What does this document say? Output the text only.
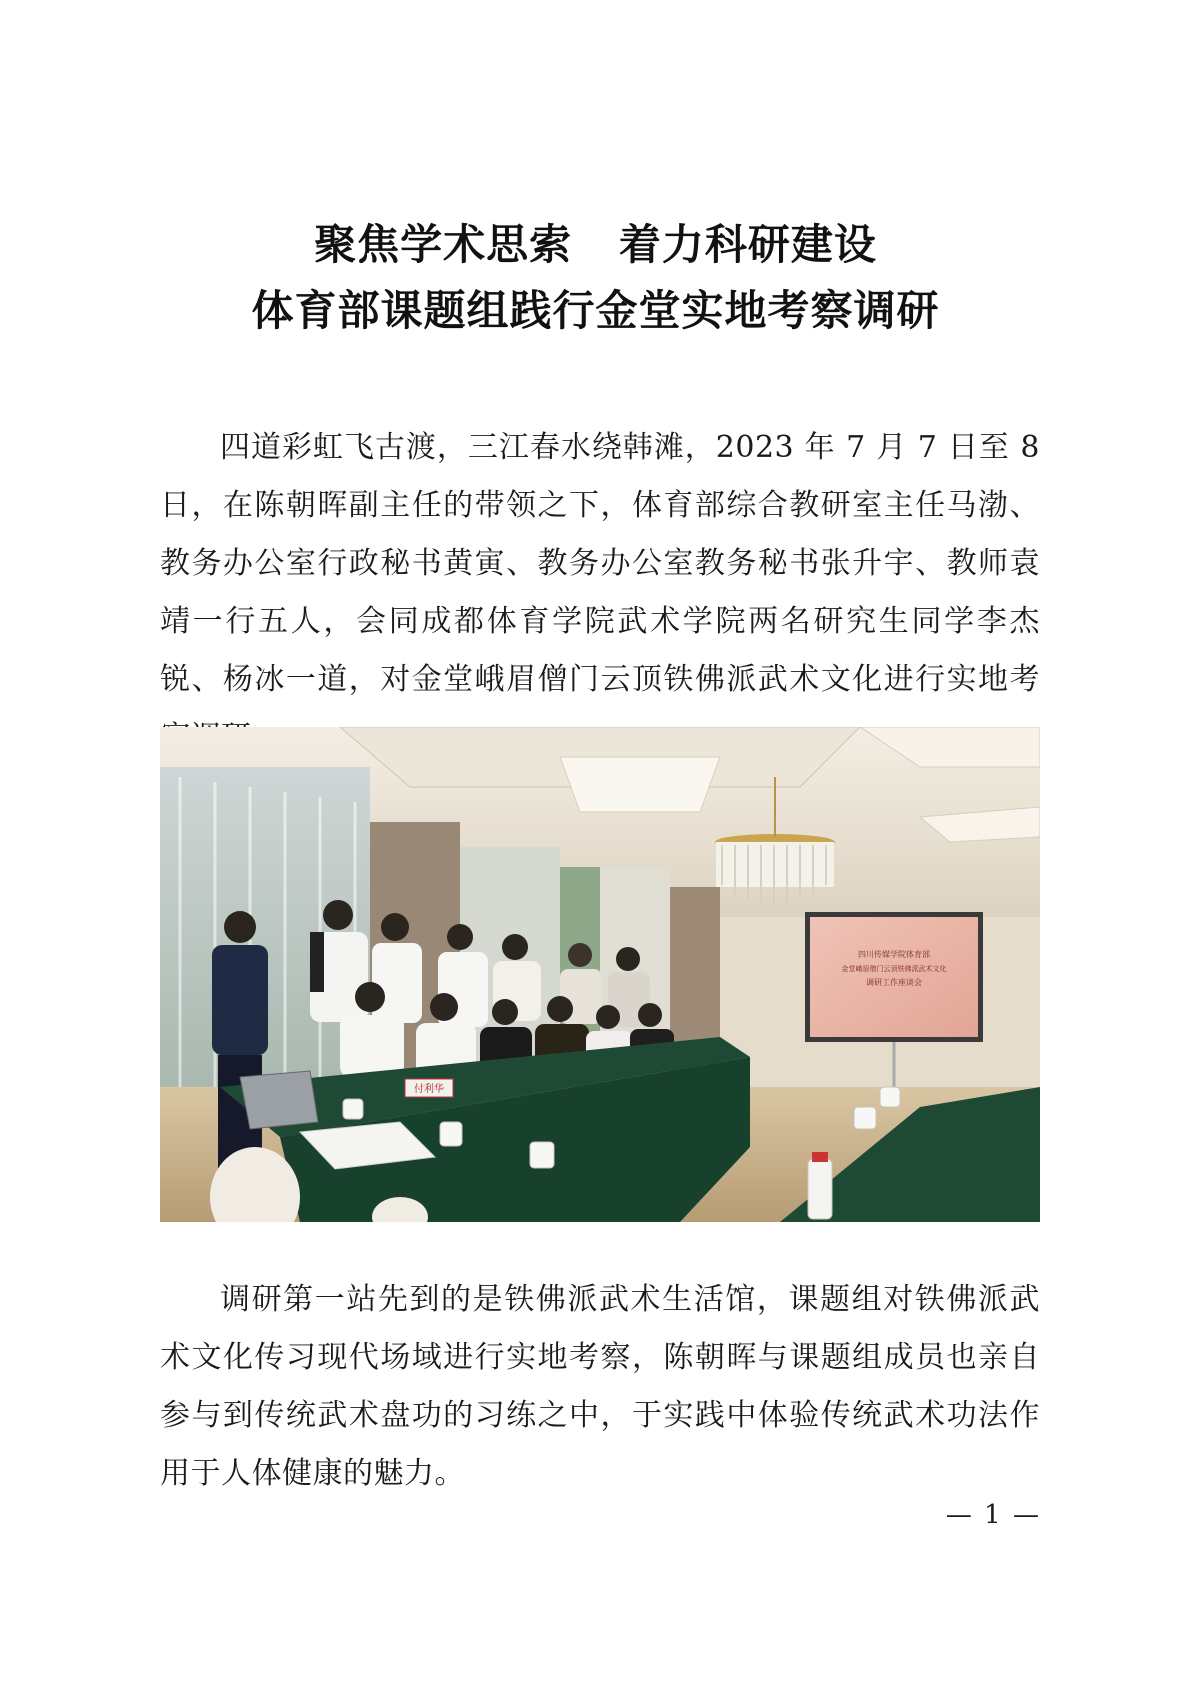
聚焦学术思索   着力科研建设
体育部课题组践行金堂实地考察调研

四道彩虹飞古渡，三江春水绕韩滩，2023 年 7 月 7 日至 8 日，在陈朝晖副主任的带领之下，体育部综合教研室主任马渤、教务办公室行政秘书黄寅、教务办公室教务秘书张升宇、教师袁靖一行五人，会同成都体育学院武术学院两名研究生同学李杰锐、杨冰一道，对金堂峨眉僧门云顶铁佛派武术文化进行实地考

四川传媒学院体育部
金堂峨眉僧门云顶铁佛派武术文化
调研工作座谈会
付利华

调研第一站先到的是铁佛派武术生活馆，课题组对铁佛派武术文化传习现代场域进行实地考察，陈朝晖与课题组成员也亲自参与到传统武术盘功的习练之中，于实践中体验传统武术功法作用于人体健康的魅力。

— 1 —
